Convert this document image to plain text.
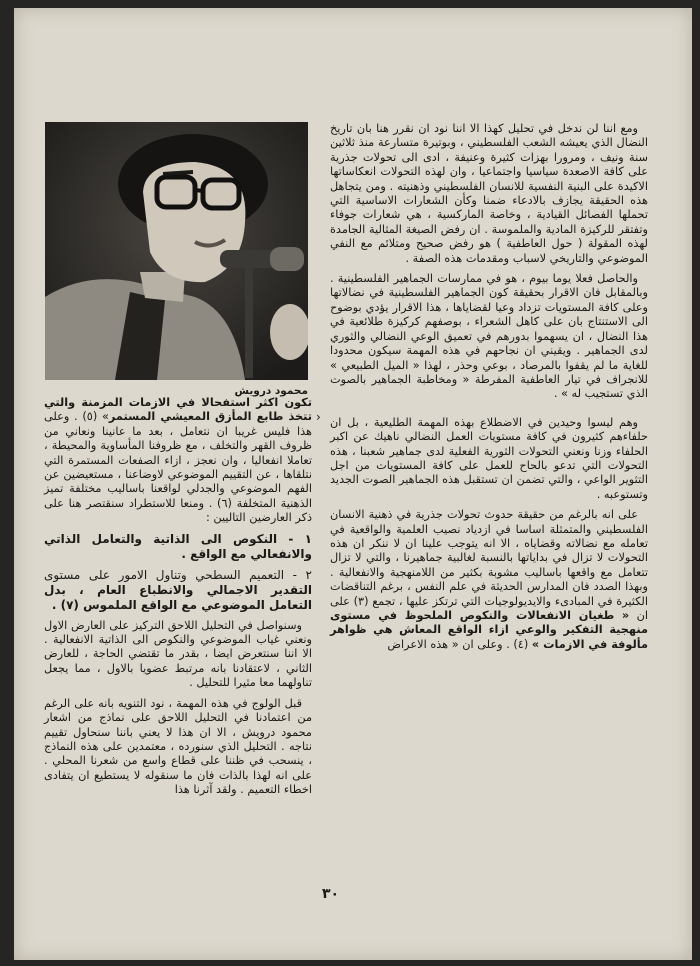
محمود درويش

ومع اننا لن ندخل في تحليل كهذا الا اننا نود ان نقرر هنا بان تاريخ النضال الذي يعيشه الشعب الفلسطيني ، وبوتيرة متسارعة منذ ثلاثين سنة ونيف ، ومرورا بهزات كثيرة وعنيفة ، ادى الى تحولات جذرية على كافة الاصعدة سياسيا واجتماعيا ، وان لهذه التحولات انعكاساتها الاكيدة على البنية النفسية للانسان الفلسطيني وذهنيته . ومن يتجاهل هذه الحقيقة يجازف بالادعاء ضمنا وكأن الشعارات الاساسية التي تحملها الفصائل القيادية ، وخاصة الماركسية ، هي شعارات جوفاء وتفتقر للركيزة المادية والملموسة . ان رفض الصيغة المثالية الجامدة لهذه المقولة ( حول العاطفية ) هو رفض صحيح ومتلائم مع النفي الموضوعي والتاريخي لاسباب ومقدمات هذه الصفة .

والحاصل فعلا يوما بيوم ، هو في ممارسات الجماهير الفلسطينية . وبالمقابل فان الاقرار بحقيقة كون الجماهير الفلسطينية في نضالاتها وعلى كافة المستويات تزداد وعيا لقضاياها ، هذا الاقرار يؤدي بوضوح الى الاستنتاج بان على كاهل الشعراء ، بوصفهم كركيزة طلائعية في هذا النضال ، ان يسهموا بدورهم في تعميق الوعي النضالي والثوري لدى الجماهير . ويقيني ان نجاحهم في هذه المهمة سيكون محدودا للغاية ما لم يقفوا بالمرصاد ، بوعي وحذر ، لهذا « الميل الطبيعي » للانجراف في تيار العاطفية المفرطة « ومخاطبة الجماهير بالصوت الذي تستجيب له » .

وهم ليسوا وحيدين في الاضطلاع بهذه المهمة الطليعية ، بل ان حلفاءهم كثيرون في كافة مستويات العمل النضالي ناهيك عن اكبر الحلفاء وزنا ونعني التحولات الثورية الفعلية لدى جماهير شعبنا ، هذه التحولات التي تدعو بالحاح للعمل على كافة المستويات من اجل التثوير الواعي ، والتي تضمن ان تستقبل هذه الجماهير الصوت الجديد وتستوعبه .

على انه بالرغم من حقيقة حدوث تحولات جذرية في ذهنية الانسان الفلسطيني والمتمثلة اساسا في ازدياد نصيب العلمية والواقعية في تعامله مع نضالاته وقضاياه ، الا انه يتوجب علينا ان لا ننكر ان هذه التحولات لا تزال في بداياتها بالنسبة لغالبية جماهيرنا ، والتي لا تزال تتعامل مع واقعها باساليب مشوبة بكثير من اللامنهجية والانفعالية . وبهذا الصدد فان المدارس الحديثة في علم النفس ، برغم التناقضات الكثيرة في المبادىء والايديولوجيات التي ترتكز عليها ، تجمع (٣) على ان « طغيان الانفعالات والنكوص الملحوظ في مستوى منهجية التفكير والوعي ازاء الواقع المعاش هي ظواهر مألوفة في الازمات » (٤) . وعلى ان « هذه الاعراض

›

تكون اكثر استفحالا في الازمات المزمنة والتي تتخذ طابع المأزق المعيشي المستمر» (٥) . وعلى هذا فليس غريبا ان نتعامل ، بعد ما عانينا ونعاني من ظروف القهر والتخلف ، مع ظروفنا المأساوية والمحيطة ، تعاملا انفعاليا ، وان نعجز ، ازاء الصفعات المستمرة التي نتلقاها ، عن التقييم الموضوعي لاوضاعنا ، مستعيضين عن الفهم الموضوعي والجدلي لواقعنا باساليب مختلفة تميز الذهنية المتخلفة (٦) . ومنعا للاستطراد سنقتصر هنا على ذكر العارضين التاليين :

١ - النكوص الى الذاتية والتعامل الذاتي والانفعالي مع الواقع .

٢ - التعميم السطحي وتناول الامور على مستوى التقدير الاجمالي والانطباع العام ، بدل التعامل الموضوعي مع الواقع الملموس (٧) .

وسنواصل في التحليل اللاحق التركيز على العارض الاول ونعني غياب الموضوعي والنكوص الى الذاتية الانفعالية . الا اننا سنتعرض ايضا ، بقدر ما تقتضي الحاجة ، للعارض الثاني ، لاعتقادنا بانه مرتبط عضويا بالاول ، مما يجعل تناولهما معا مثيرا للتحليل .

قبل الولوج في هذه المهمة ، نود التنويه بانه على الرغم من اعتمادنا في التحليل اللاحق على نماذج من اشعار محمود درويش ، الا ان هذا لا يعني باننا سنحاول تقييم نتاجه . التحليل الذي سنورده ، معتمدين على هذه النماذج ، ينسحب في ظننا على قطاع واسع من شعرنا المحلي . على انه لهذا بالذات فان ما سنقوله لا يستطيع ان يتفادى اخطاء التعميم . ولقد آثرنا هذا

٣٠
